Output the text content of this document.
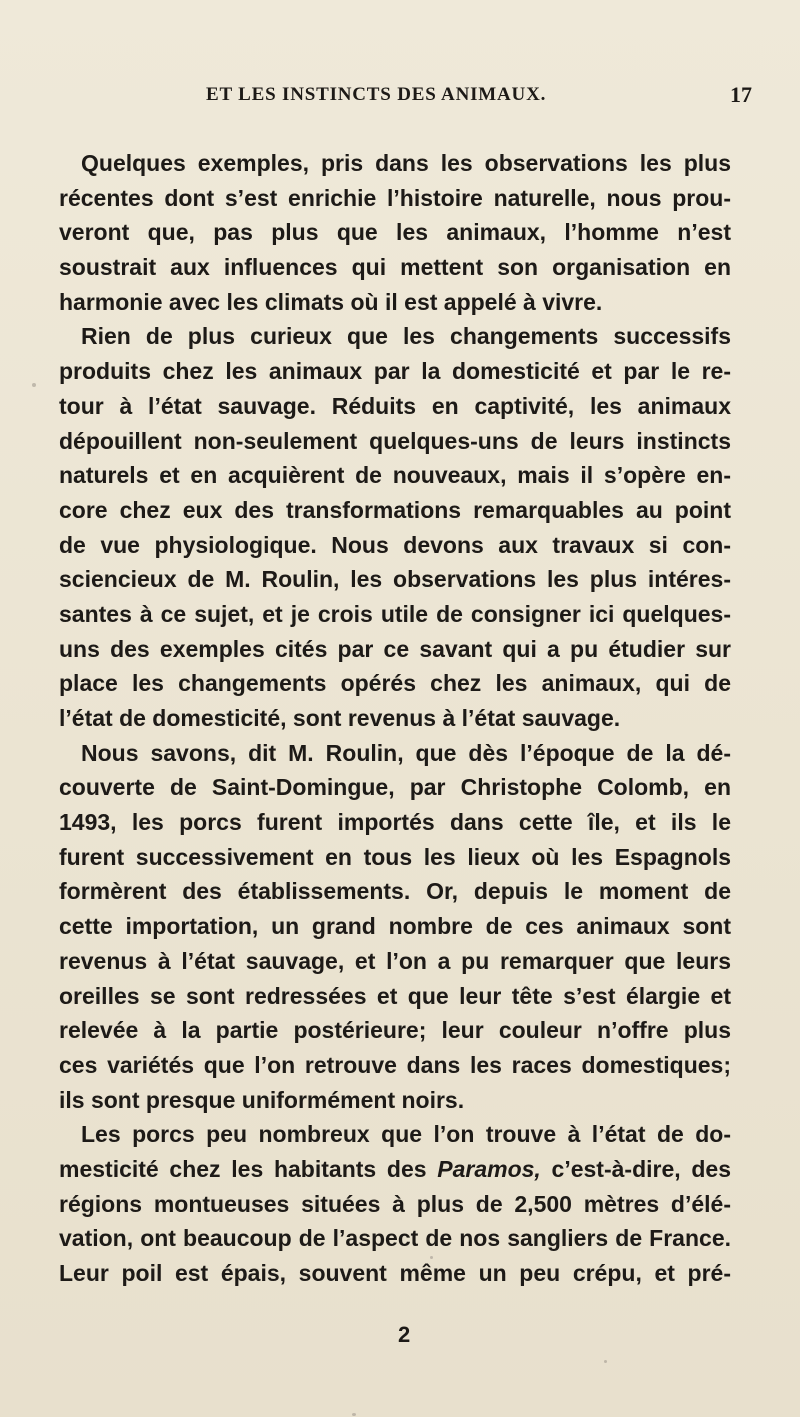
ET LES INSTINCTS DES ANIMAUX.	17
Quelques exemples, pris dans les observations les plus
récentes dont s’est enrichie l’histoire naturelle, nous prou-
veront que, pas plus que les animaux, l’homme n’est
soustrait aux influences qui mettent son organisation en
harmonie avec les climats où il est appelé à vivre.
Rien de plus curieux que les changements successifs
produits chez les animaux par la domesticité et par le re-
tour à l’état sauvage. Réduits en captivité, les animaux
dépouillent non-seulement quelques-uns de leurs instincts
naturels et en acquièrent de nouveaux, mais il s’opère en-
core chez eux des transformations remarquables au point
de vue physiologique. Nous devons aux travaux si con-
sciencieux de M. Roulin, les observations les plus intéres-
santes à ce sujet, et je crois utile de consigner ici quelques-
uns des exemples cités par ce savant qui a pu étudier sur
place les changements opérés chez les animaux, qui de
l’état de domesticité, sont revenus à l’état sauvage.
Nous savons, dit M. Roulin, que dès l’époque de la dé-
couverte de Saint-Domingue, par Christophe Colomb, en
1493, les porcs furent importés dans cette île, et ils le
furent successivement en tous les lieux où les Espagnols
formèrent des établissements. Or, depuis le moment de
cette importation, un grand nombre de ces animaux sont
revenus à l’état sauvage, et l’on a pu remarquer que leurs
oreilles se sont redressées et que leur tête s’est élargie et
relevée à la partie postérieure; leur couleur n’offre plus
ces variétés que l’on retrouve dans les races domestiques;
ils sont presque uniformément noirs.
Les porcs peu nombreux que l’on trouve à l’état de do-
mesticité chez les habitants des Paramos, c’est-à-dire, des
régions montueuses situées à plus de 2,500 mètres d’élé-
vation, ont beaucoup de l’aspect de nos sangliers de France.
Leur poil est épais, souvent même un peu crépu, et pré-
2
